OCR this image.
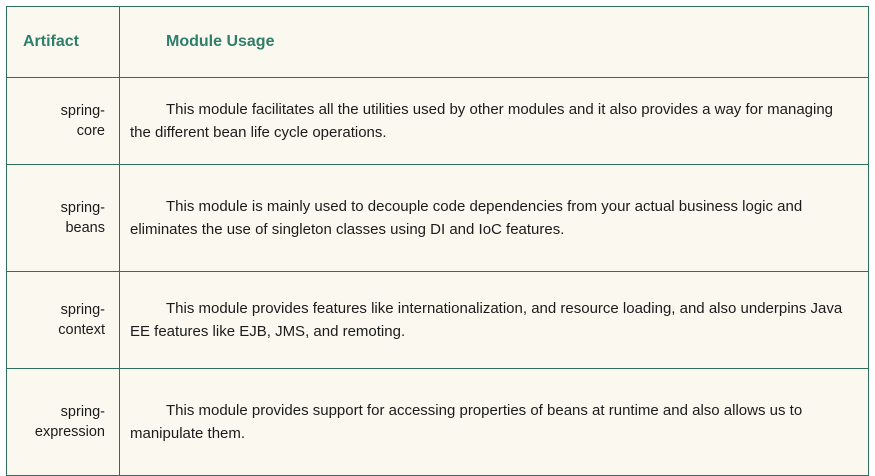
Artifact	Module Usage

spring-
core	This module facilitates all the utilities used by other modules and it also provides a way for managing the different bean life cycle operations.

spring-
beans	This module is mainly used to decouple code dependencies from your actual business logic and eliminates the use of singleton classes using DI and IoC features.

spring-
context	This module provides features like internationalization, and resource loading, and also underpins Java EE features like EJB, JMS, and remoting.

spring-
expression	This module provides support for accessing properties of beans at runtime and also allows us to manipulate them.
